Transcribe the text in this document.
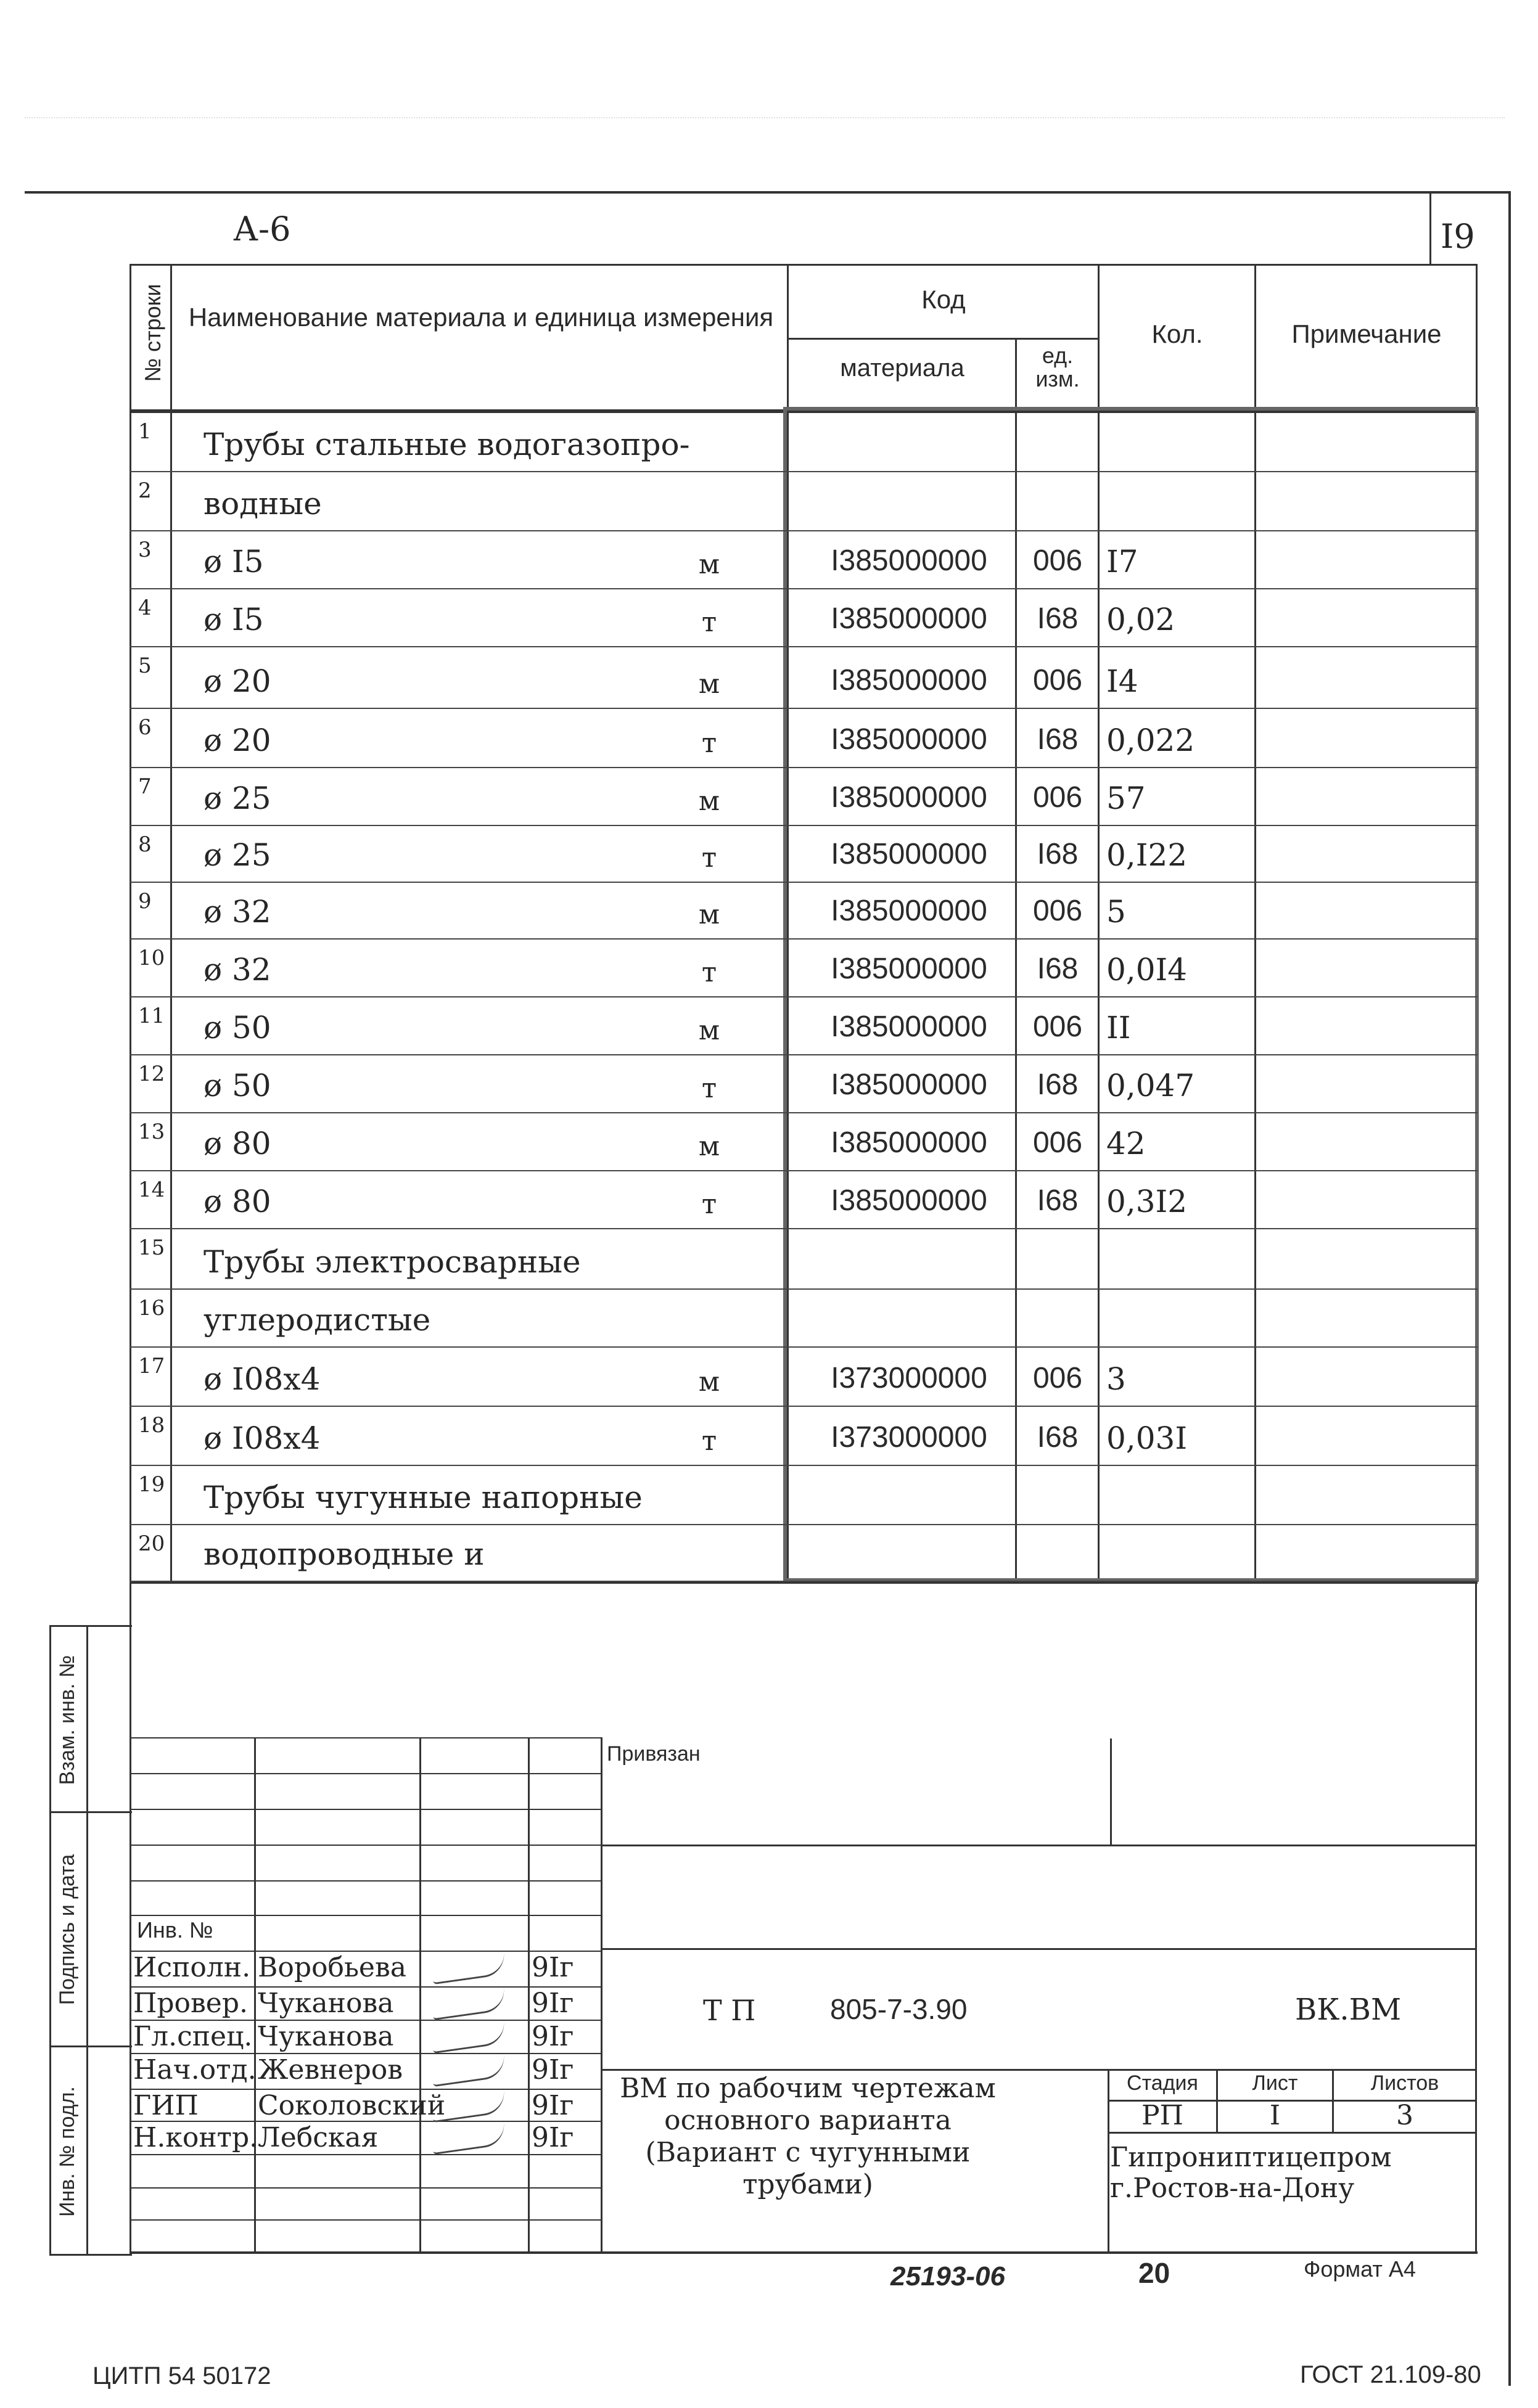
А-6	I9
№ строки Наименование материала и единица измерения
Код
материала	ед. изм.
Кол.	Примечание
1 Трубы стальные водогазопро-
2 водные
3 ø I5	м	I385000000	006 I7
4 ø I5	т	I385000000	I68 0,02
5 ø 20	м	I385000000	006 I4
6 ø 20	т	I385000000	I68 0,022
7 ø 25	м	I385000000	006 57
8 ø 25	т	I385000000	I68 0,I22
9 ø 32	м	I385000000	006 5
10 ø 32	т	I385000000	I68 0,0I4
11 ø 50	м	I385000000	006 II
12 ø 50	т	I385000000	I68 0,047
13 ø 80	м	I385000000	006 42
14 ø 80	т	I385000000	I68 0,3I2
15 Трубы электросварные
16 углеродистые
17 ø I08х4	м	I373000000	006 3
18 ø I08х4	т	I373000000	I68 0,03I
19 Трубы чугунные напорные
20 водопроводные и
Взам. инв. №
Подпись и дата
Инв. № подл.
Инв. №
Исполн. Воробьева	9Iг
Провер. Чуканова	9Iг
Гл.спец. Чуканова	9Iг
Нач.отд. Жевнеров	9Iг
ГИП Соколовский	9Iг
Н.контр. Лебская	9Iг
Привязан
Т П	805-7-3.90	ВК.ВМ
ВМ по рабочим чертежам
основного варианта
(Вариант с чугунными
трубами)
Стадия	Лист	Листов
РП	I	3
Гипрониптицепром
г.Ростов-на-Дону
25193-06	20	Формат А4
ЦИТП 54 50172	ГОСТ 21.109-80
